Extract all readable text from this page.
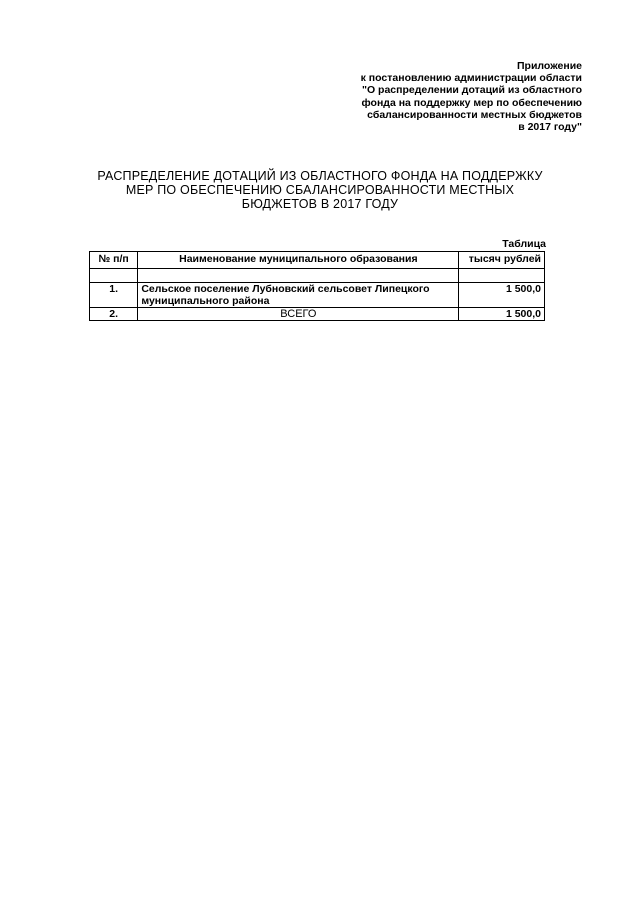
Приложение
к постановлению администрации области
"О распределении дотаций из областного
фонда на поддержку мер по обеспечению
сбалансированности местных бюджетов
в 2017 году"
РАСПРЕДЕЛЕНИЕ ДОТАЦИЙ ИЗ ОБЛАСТНОГО ФОНДА НА ПОДДЕРЖКУ
МЕР ПО ОБЕСПЕЧЕНИЮ СБАЛАНСИРОВАННОСТИ МЕСТНЫХ
БЮДЖЕТОВ В 2017 ГОДУ
Таблица
№ п/п	Наименование муниципального образования	тысяч рублей

1.	Сельское поселение Лубновский сельсовет Липецкого
муниципального района	1 500,0
2.	ВСЕГО	1 500,0
